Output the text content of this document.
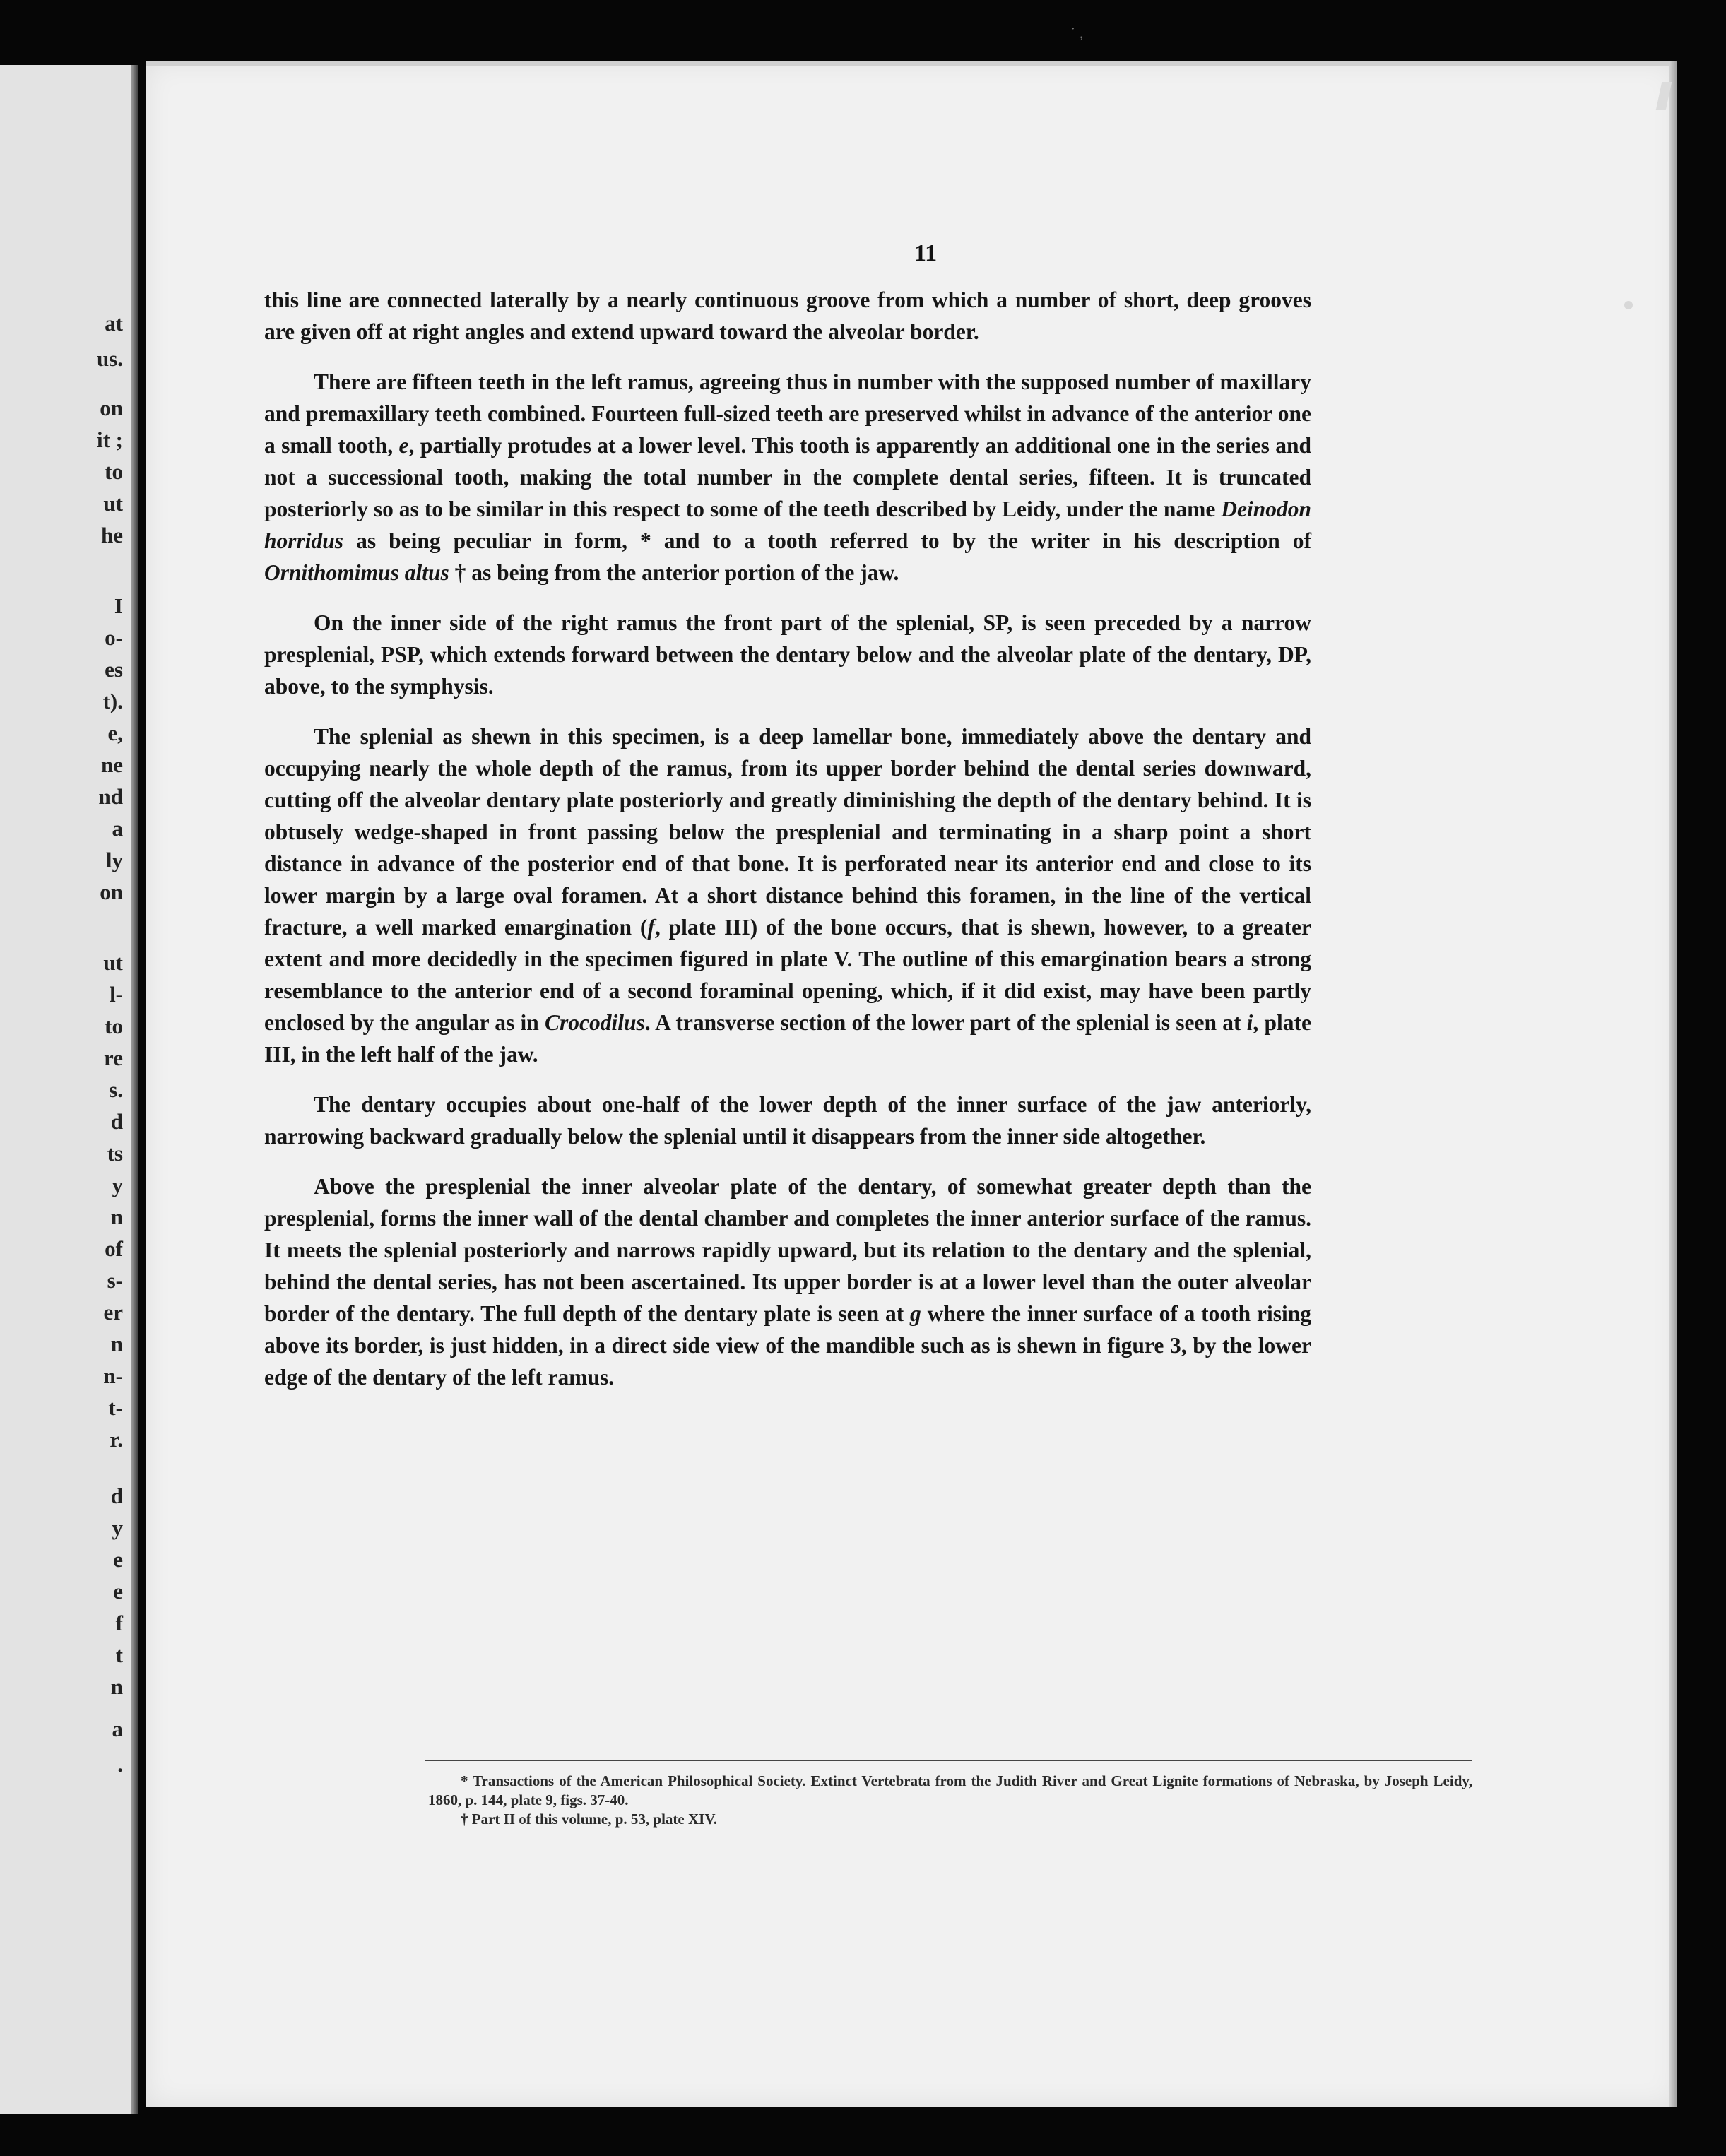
at
us.
on
it ;
to
ut
he
I
o-
es
t).
e,
ne
nd
a
ly
on
ut
l-
to
re
s.
d
ts
y
n
of
s-
er
n
n-
t-
r.
d
y
e
e
f
t
n
a
.
˙ ,
11

this line are connected laterally by a nearly continuous groove from which a number of short, deep grooves are given off at right angles and extend upward toward the alveolar border.

There are fifteen teeth in the left ramus, agreeing thus in number with the supposed number of maxillary and premaxillary teeth combined. Fourteen full-sized teeth are preserved whilst in advance of the anterior one a small tooth, e, partially protudes at a lower level. This tooth is apparently an additional one in the series and not a successional tooth, making the total number in the complete dental series, fifteen. It is truncated posteriorly so as to be similar in this respect to some of the teeth described by Leidy, under the name Deinodon horridus as being peculiar in form, * and to a tooth referred to by the writer in his description of Ornithomimus altus † as being from the anterior portion of the jaw.

On the inner side of the right ramus the front part of the splenial, SP, is seen preceded by a narrow presplenial, PSP, which extends forward between the dentary below and the alveolar plate of the dentary, DP, above, to the symphysis.

The splenial as shewn in this specimen, is a deep lamellar bone, immediately above the dentary and occupying nearly the whole depth of the ramus, from its upper border behind the dental series downward, cutting off the alveolar dentary plate posteriorly and greatly diminishing the depth of the dentary behind. It is obtusely wedge-shaped in front passing below the presplenial and terminating in a sharp point a short distance in advance of the posterior end of that bone. It is perforated near its anterior end and close to its lower margin by a large oval foramen. At a short distance behind this foramen, in the line of the vertical fracture, a well marked emargination (f, plate III) of the bone occurs, that is shewn, however, to a greater extent and more decidedly in the specimen figured in plate V. The outline of this emargination bears a strong resemblance to the anterior end of a second foraminal opening, which, if it did exist, may have been partly enclosed by the angular as in Crocodilus. A transverse section of the lower part of the splenial is seen at i, plate III, in the left half of the jaw.

The dentary occupies about one-half of the lower depth of the inner surface of the jaw anteriorly, narrowing backward gradually below the splenial until it disappears from the inner side altogether.

Above the presplenial the inner alveolar plate of the dentary, of somewhat greater depth than the presplenial, forms the inner wall of the dental chamber and completes the inner anterior surface of the ramus. It meets the splenial posteriorly and narrows rapidly upward, but its relation to the dentary and the splenial, behind the dental series, has not been ascertained. Its upper border is at a lower level than the outer alveolar border of the dentary. The full depth of the dentary plate is seen at g where the inner surface of a tooth rising above its border, is just hidden, in a direct side view of the mandible such as is shewn in figure 3, by the lower edge of the dentary of the left ramus.

* Transactions of the American Philosophical Society. Extinct Vertebrata from the Judith River and Great Lignite formations of Nebraska, by Joseph Leidy, 1860, p. 144, plate 9, figs. 37-40.

† Part II of this volume, p. 53, plate XIV.
